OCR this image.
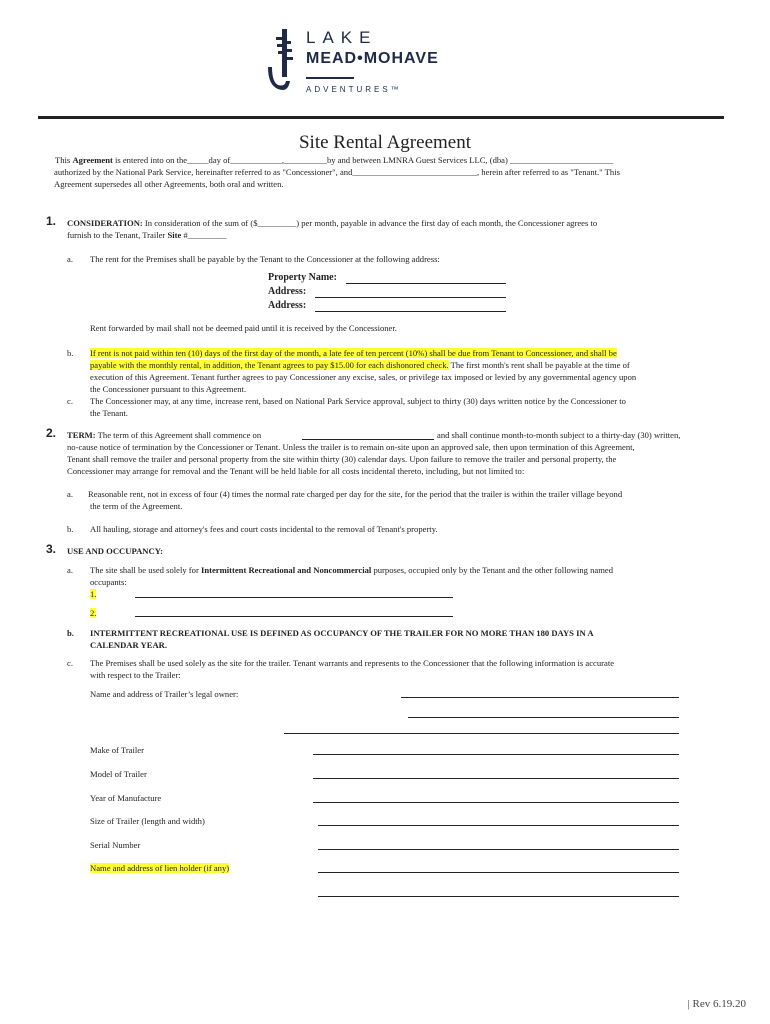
LAKE
MEAD•MOHAVE
ADVENTURES™
Site Rental Agreement
This Agreement is entered into on the_____day of____________,__________by and between LMNRA Guest Services LLC, (dba) ________________________
authorized by the National Park Service, hereinafter referred to as "Concessioner", and_____________________________, herein after referred to as "Tenant." This
Agreement supersedes all other Agreements, both oral and written.
1. CONSIDERATION: In consideration of the sum of ($_________) per month, payable in advance the first day of each month, the Concessioner agrees to
furnish to the Tenant, Trailer Site #_________
a. The rent for the Premises shall be payable by the Tenant to the Concessioner at the following address:
Property Name:
Address:
Address:
Rent forwarded by mail shall not be deemed paid until it is received by the Concessioner.
b. If rent is not paid within ten (10) days of the first day of the month, a late fee of ten percent (10%) shall be due from Tenant to Concessioner, and shall be
payable with the monthly rental, in addition, the Tenant agrees to pay $15.00 for each dishonored check. The first month's rent shall be payable at the time of
execution of this Agreement. Tenant further agrees to pay Concessioner any excise, sales, or privilege tax imposed or levied by any governmental agency upon
the Concessioner pursuant to this Agreement.
c. The Concessioner may, at any time, increase rent, based on National Park Service approval, subject to thirty (30) days written notice by the Concessioner to
the Tenant.
2. TERM: The term of this Agreement shall commence on	and shall continue month-to-month subject to a thirty-day (30) written,
no-cause notice of termination by the Concessioner or Tenant. Unless the trailer is to remain on-site upon an approved sale, then upon termination of this Agreement,
Tenant shall remove the trailer and personal property from the site within thirty (30) calendar days. Upon failure to remove the trailer and personal property, the
Concessioner may arrange for removal and the Tenant will be held liable for all costs incidental thereto, including, but not limited to:
a. Reasonable rent, not in excess of four (4) times the normal rate charged per day for the site, for the period that the trailer is within the trailer village beyond
the term of the Agreement.
b. All hauling, storage and attorney's fees and court costs incidental to the removal of Tenant's property.
3. USE AND OCCUPANCY:
a. The site shall be used solely for Intermittent Recreational and Noncommercial purposes, occupied only by the Tenant and the other following named
occupants:
1.
2.
b. INTERMITTENT RECREATIONAL USE IS DEFINED AS OCCUPANCY OF THE TRAILER FOR NO MORE THAN 180 DAYS IN A
CALENDAR YEAR.
c. The Premises shall be used solely as the site for the trailer. Tenant warrants and represents to the Concessioner that the following information is accurate
with respect to the Trailer:
Name and address of Trailer’s legal owner:
Make of Trailer
Model of Trailer
Year of Manufacture
Size of Trailer (length and width)
Serial Number
Name and address of lien holder (if any)
| Rev 6.19.20
